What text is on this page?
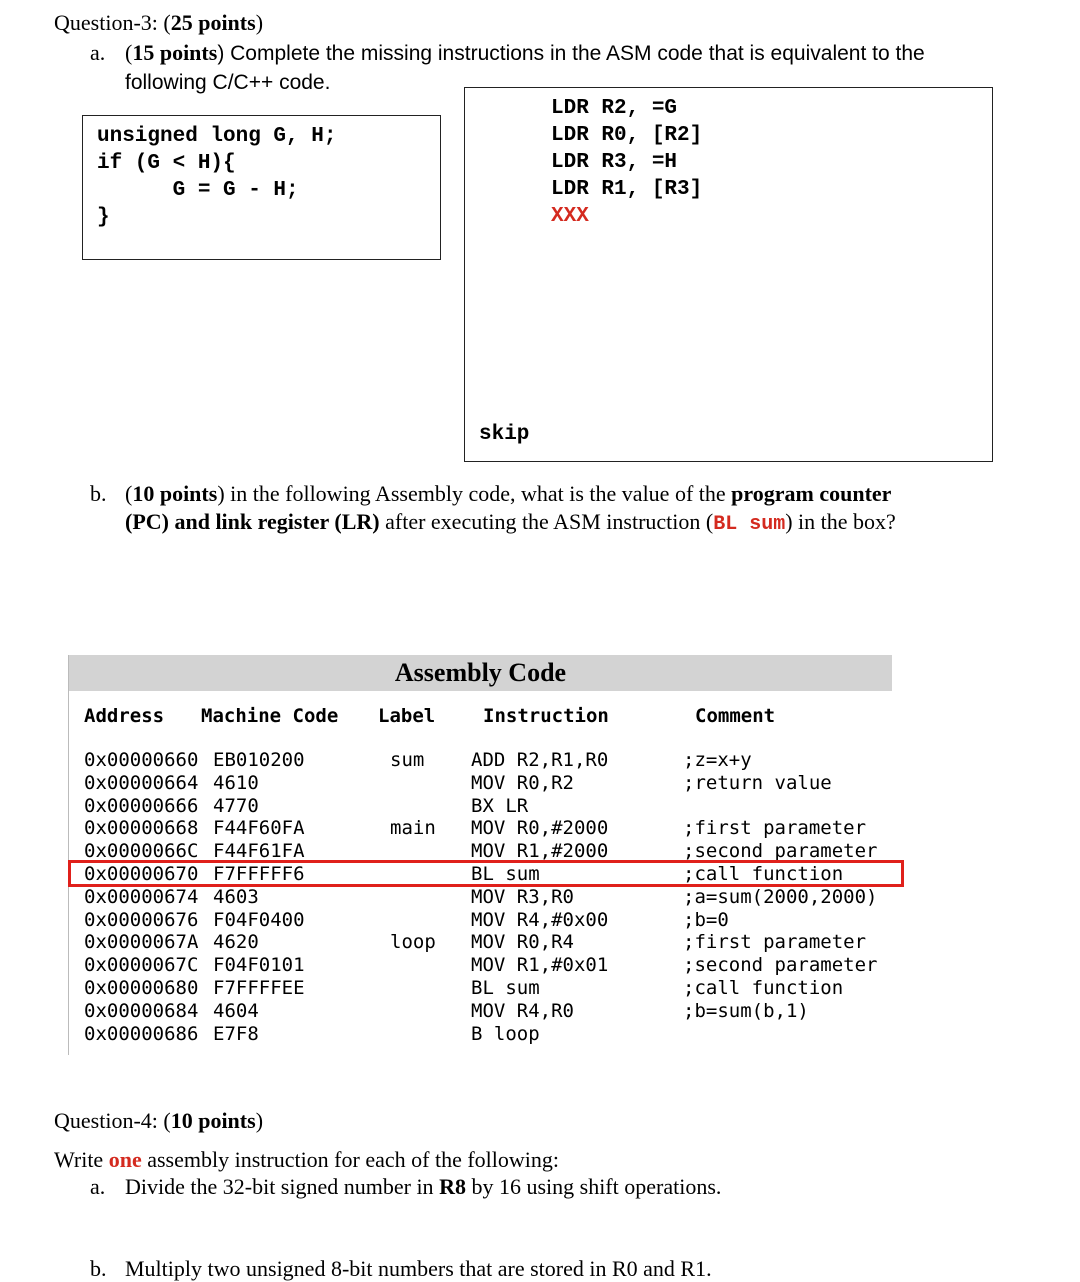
Question-3: (25 points)
a. (15 points) Complete the missing instructions in the ASM code that is equivalent to the
following C/C++ code.
unsigned long G, H;
if (G < H){
G = G - H;
}
LDR R2, =G
LDR R0, [R2]
LDR R3, =H
LDR R1, [R3]
XXX
skip
b. (10 points) in the following Assembly code, what is the value of the program counter
(PC) and link register (LR) after executing the ASM instruction (BL sum) in the box?
Assembly Code
Address Machine Code Label	Instruction	Comment
0x00000660 EB010200	sum ADD R2,R1,R0	;z=x+y
0x00000664 4610	MOV R0,R2	;return value
0x00000666 4770	BX LR
0x00000668 F44F60FA	main MOV R0,#2000	;first parameter
0x0000066C F44F61FA	MOV R1,#2000	;second parameter
0x00000670 F7FFFFF6	BL sum	;call function
0x00000674 4603	MOV R3,R0	;a=sum(2000,2000)
0x00000676 F04F0400	MOV R4,#0x00	;b=0
0x0000067A 4620	loop MOV R0,R4	;first parameter
0x0000067C F04F0101	MOV R1,#0x01	;second parameter
0x00000680 F7FFFFEE	BL sum	;call function
0x00000684 4604	MOV R4,R0	;b=sum(b,1)
0x00000686 E7F8	B loop
Question-4: (10 points)
Write one assembly instruction for each of the following:
a. Divide the 32-bit signed number in R8 by 16 using shift operations.
b. Multiply two unsigned 8-bit numbers that are stored in R0 and R1.
